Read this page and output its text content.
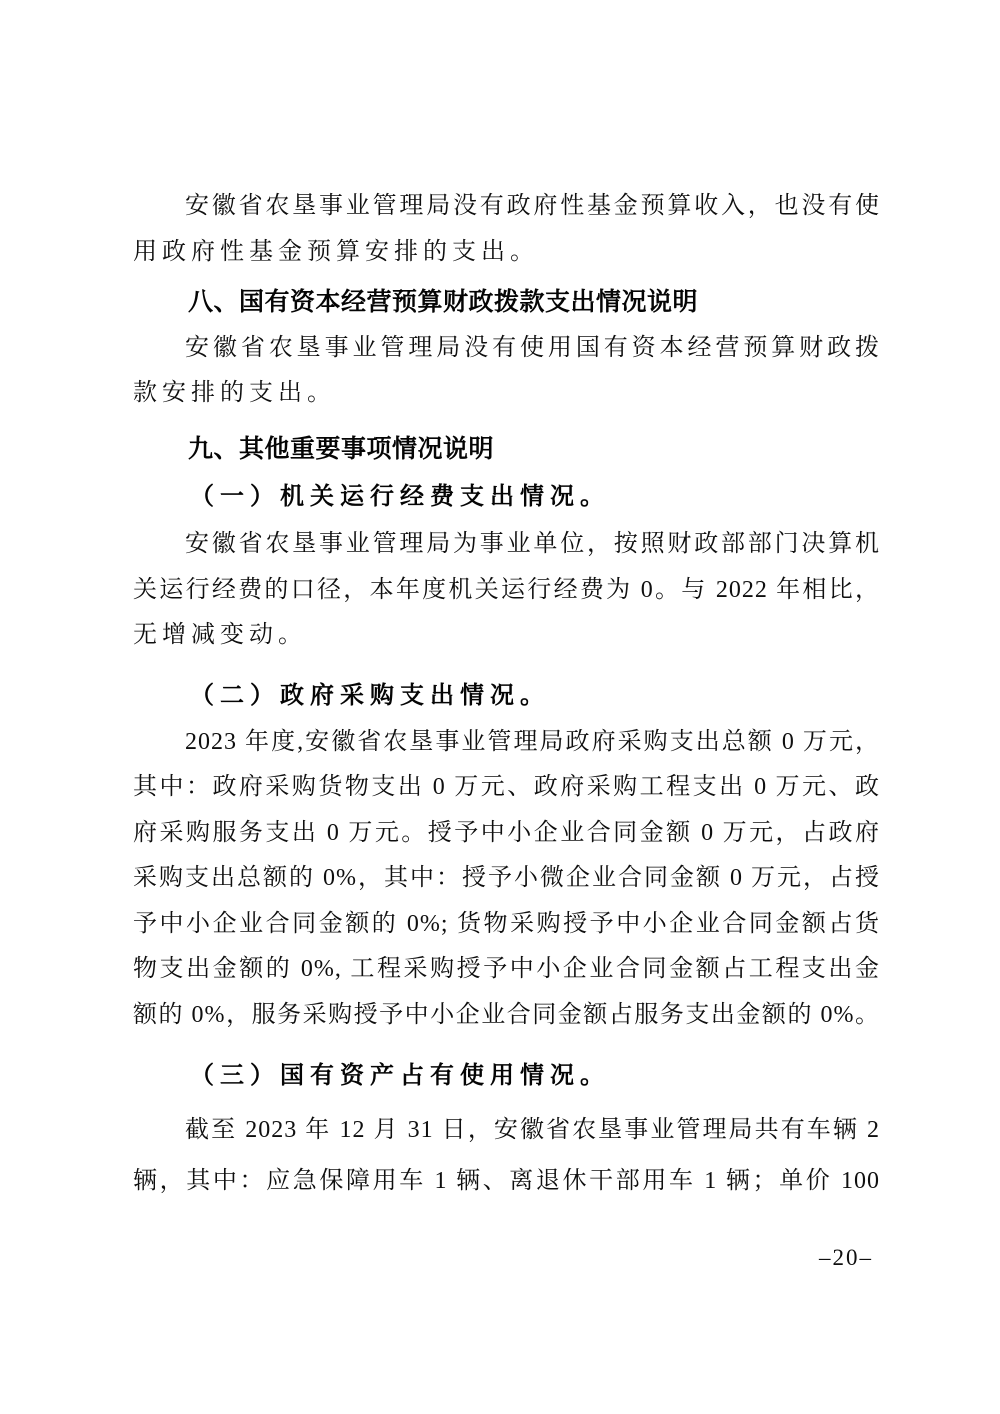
安徽省农垦事业管理局没有政府性基金预算收入，也没有使
用政府性基金预算安排的支出。
八、国有资本经营预算财政拨款支出情况说明
安徽省农垦事业管理局没有使用国有资本经营预算财政拨
款安排的支出。
九、其他重要事项情况说明
（一）机关运行经费支出情况。
安徽省农垦事业管理局为事业单位，按照财政部部门决算机
关运行经费的口径，本年度机关运行经费为 0。与 2022 年相比，
无增减变动。
（二）政府采购支出情况。
2023 年度,安徽省农垦事业管理局政府采购支出总额 0 万元，
其中：政府采购货物支出 0 万元、政府采购工程支出 0 万元、政
府采购服务支出 0 万元。授予中小企业合同金额 0 万元，占政府
采购支出总额的 0%，其中：授予小微企业合同金额 0 万元，占授
予中小企业合同金额的 0%; 货物采购授予中小企业合同金额占货
物支出金额的 0%, 工程采购授予中小企业合同金额占工程支出金
额的 0%，服务采购授予中小企业合同金额占服务支出金额的 0%。
（三）国有资产占有使用情况。
截至 2023 年 12 月 31 日，安徽省农垦事业管理局共有车辆 2
辆，其中：应急保障用车 1 辆、离退休干部用车 1 辆；单价 100
–20–
